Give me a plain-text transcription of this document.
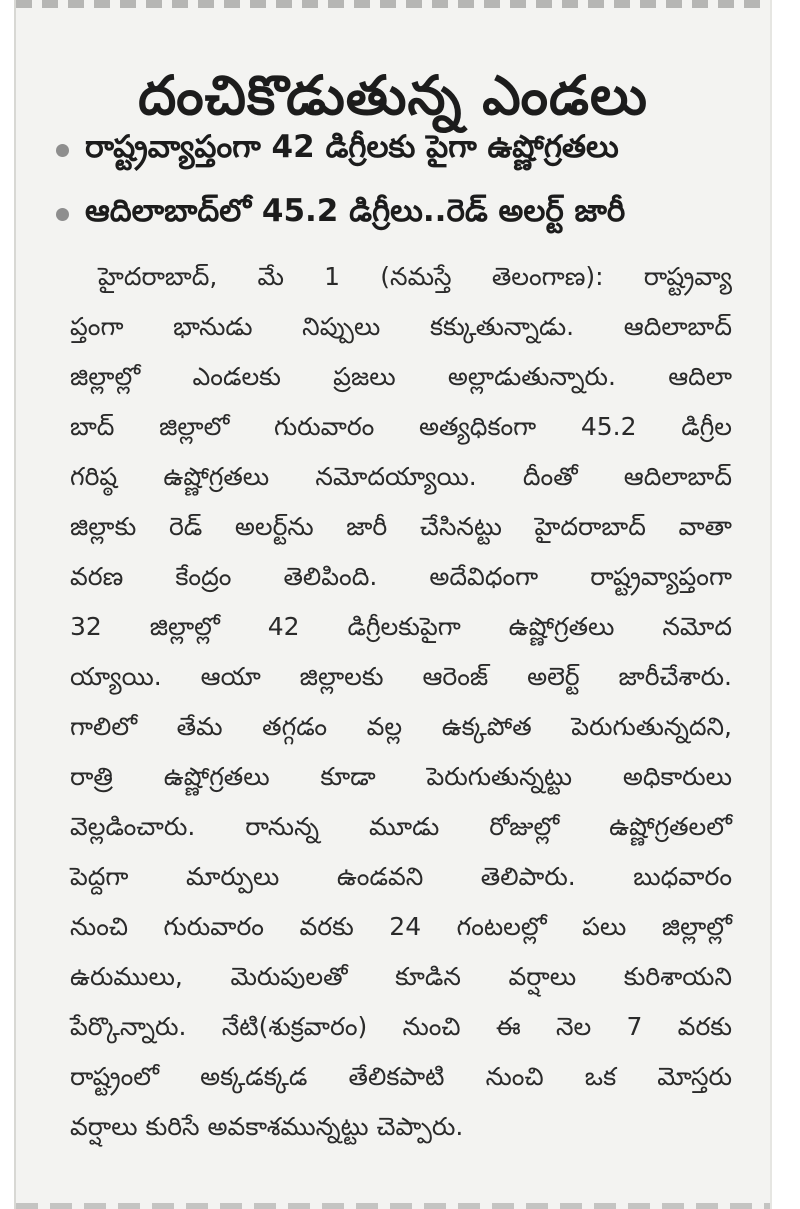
దంచికొడుతున్న ఎండలు
రాష్ట్రవ్యాప్తంగా 42 డిగ్రీలకు పైగా ఉష్ణోగ్రతలు
ఆదిలాబాద్‌లో 45.2 డిగ్రీలు..రెడ్ అలర్ట్ జారీ
హైదరాబాద్, మే 1 (నమస్తే తెలంగాణ): రాష్ట్రవ్యా
ప్తంగా భానుడు నిప్పులు కక్కుతున్నాడు. ఆదిలాబాద్
జిల్లాల్లో ఎండలకు ప్రజలు అల్లాడుతున్నారు. ఆదిలా
బాద్ జిల్లాలో గురువారం అత్యధికంగా 45.2 డిగ్రీల
గరిష్ఠ ఉష్ణోగ్రతలు నమోదయ్యాయి. దీంతో ఆదిలాబాద్
జిల్లాకు రెడ్ అలర్ట్‌ను జారీ చేసినట్టు హైదరాబాద్ వాతా
వరణ కేంద్రం తెలిపింది. అదేవిధంగా రాష్ట్రవ్యాప్తంగా
32 జిల్లాల్లో 42 డిగ్రీలకుపైగా ఉష్ణోగ్రతలు నమోద
య్యాయి. ఆయా జిల్లాలకు ఆరెంజ్ అలెర్ట్ జారీచేశారు.
గాలిలో తేమ తగ్గడం వల్ల ఉక్కపోత పెరుగుతున్నదని,
రాత్రి ఉష్ణోగ్రతలు కూడా పెరుగుతున్నట్టు అధికారులు
వెల్లడించారు. రానున్న మూడు రోజుల్లో ఉష్ణోగ్రతలలో
పెద్దగా మార్పులు ఉండవని తెలిపారు. బుధవారం
నుంచి గురువారం వరకు 24 గంటలల్లో పలు జిల్లాల్లో
ఉరుములు, మెరుపులతో కూడిన వర్షాలు కురిశాయని
పేర్కొన్నారు. నేటి(శుక్రవారం) నుంచి ఈ నెల 7 వరకు
రాష్ట్రంలో అక్కడక్కడ తేలికపాటి నుంచి ఒక మోస్తరు
వర్షాలు కురిసే అవకాశమున్నట్టు చెప్పారు.
